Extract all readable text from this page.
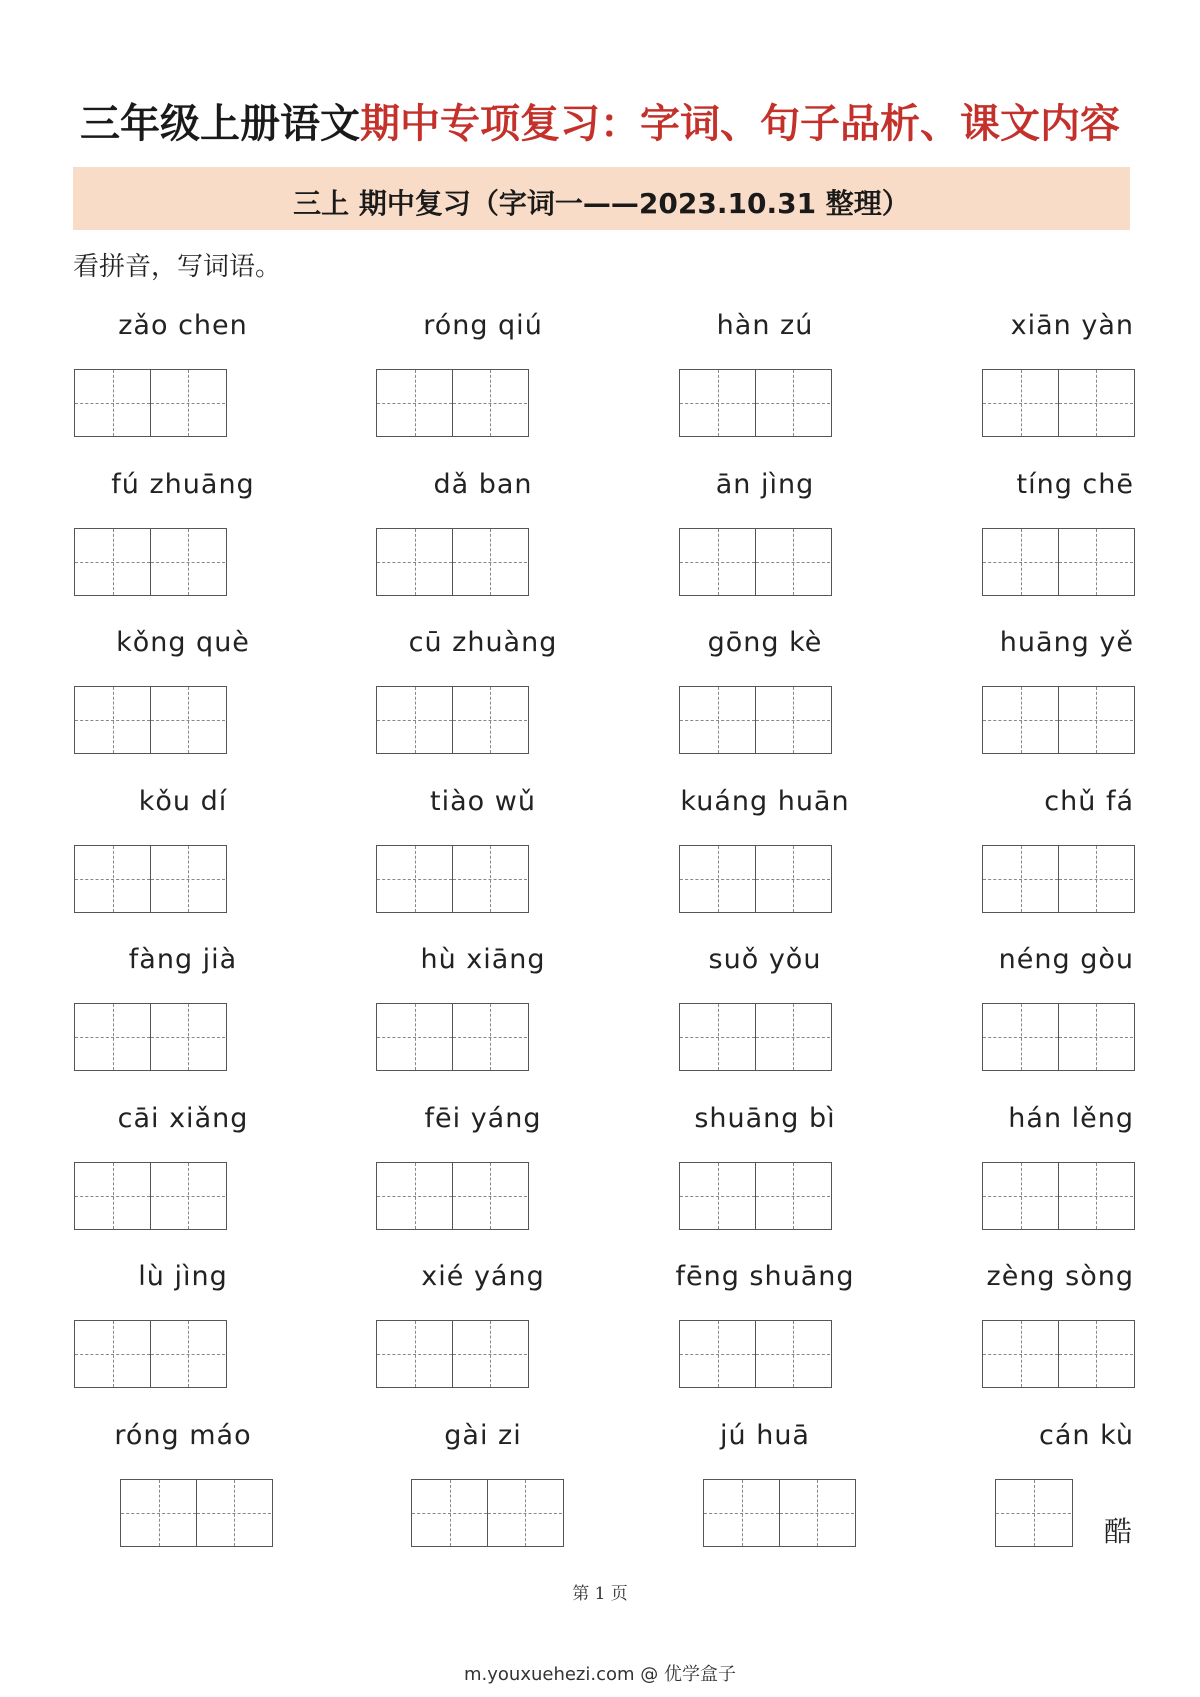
三年级上册语文期中专项复习：字词、句子品析、课文内容
三上 期中复习（字词一——2023.10.31 整理）
看拼音，写词语。
zǎo chen	róng qiú	hàn zú	xiān yàn
fú zhuāng	dǎ ban	ān jìng	tíng chē
kǒng què	cū zhuàng	gōng kè	huāng yě
kǒu dí	tiào wǔ	kuáng huān	chǔ fá
fàng jià	hù xiāng	suǒ yǒu	néng gòu
cāi xiǎng	fēi yáng	shuāng bì	hán lěng
lù jìng	xié yáng	fēng shuāng	zèng sòng
róng máo	gài zi	jú huā	cán kù
酷
第 1 页
m.youxuehezi.com @ 优学盒子
